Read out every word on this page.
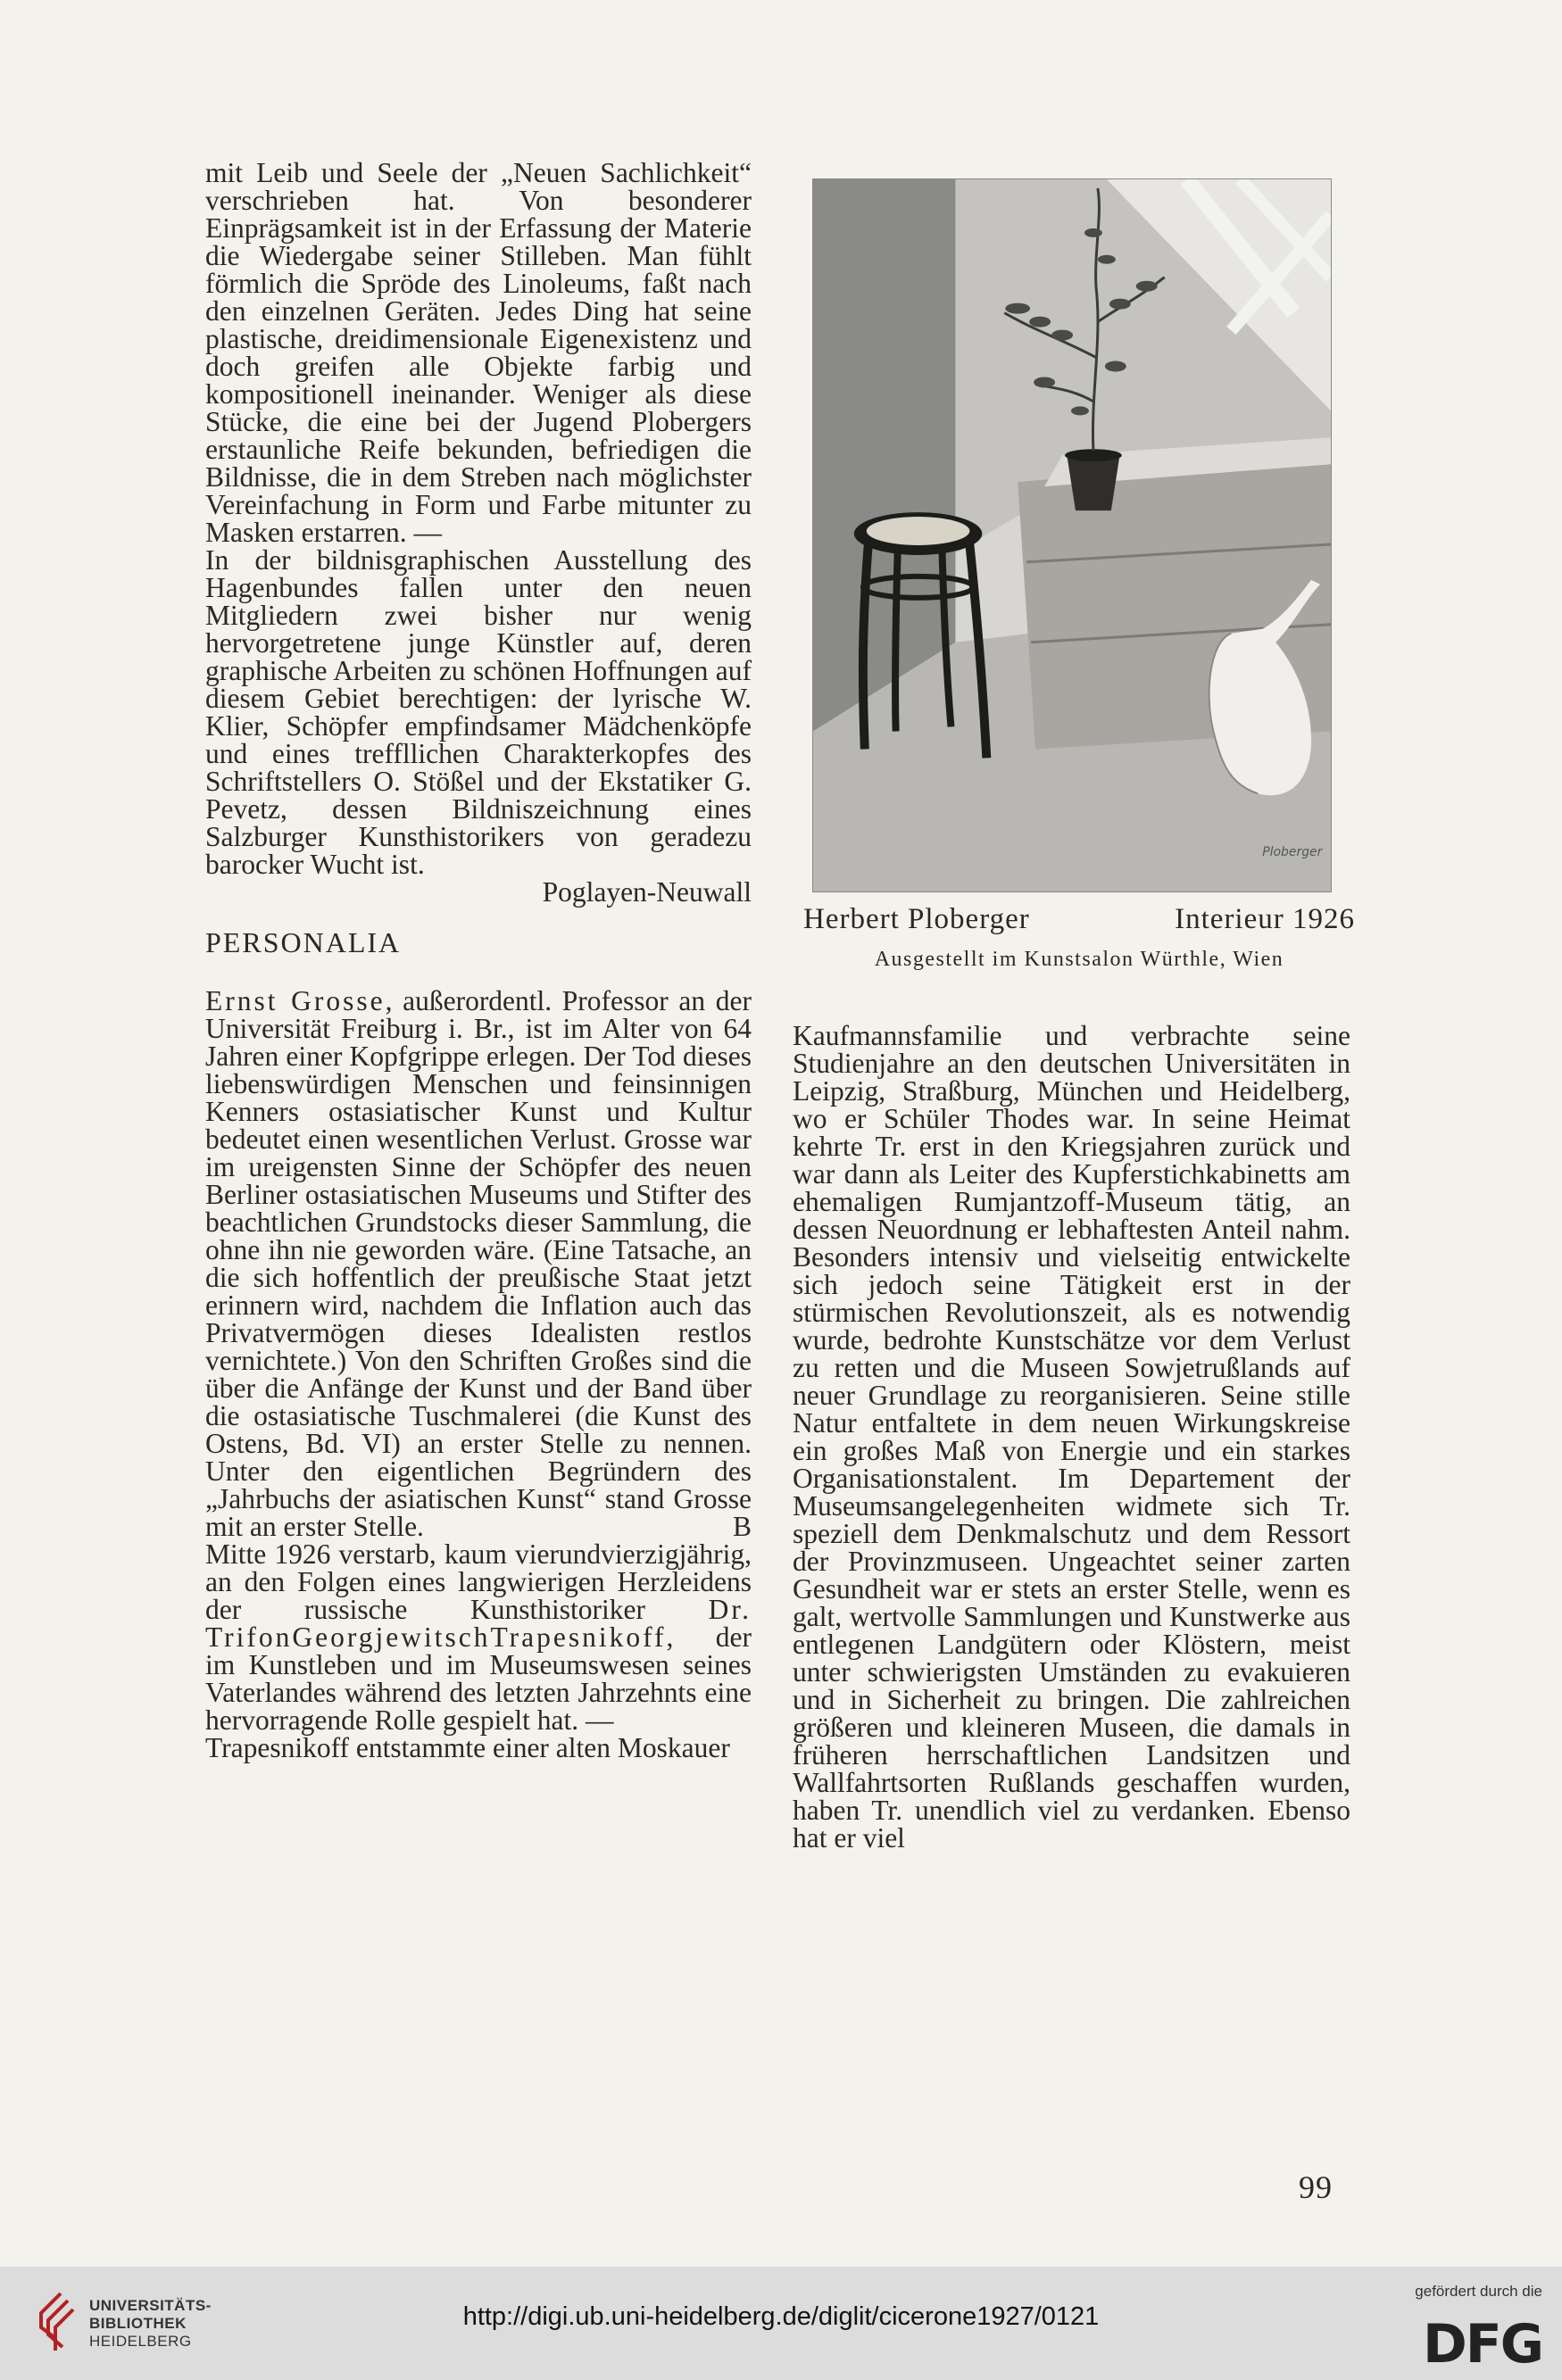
mit Leib und Seele der „Neuen Sachlichkeit“ verschrieben hat. Von besonderer Einprägsamkeit ist in der Erfassung der Materie die Wiedergabe seiner Stilleben. Man fühlt förmlich die Spröde des Linoleums, faßt nach den einzelnen Geräten. Jedes Ding hat seine plastische, dreidimensionale Eigenexistenz und doch greifen alle Objekte farbig und kompositionell ineinander. Weniger als diese Stücke, die eine bei der Jugend Plobergers erstaunliche Reife bekunden, befriedigen die Bildnisse, die in dem Streben nach möglichster Vereinfachung in Form und Farbe mitunter zu Masken erstarren. —

In der bildnisgraphischen Ausstellung des Hagenbundes fallen unter den neuen Mitgliedern zwei bisher nur wenig hervorgetretene junge Künstler auf, deren graphische Arbeiten zu schönen Hoffnungen auf diesem Gebiet berechtigen: der lyrische W. Klier, Schöpfer empfindsamer Mädchenköpfe und eines treffllichen Charakterkopfes des Schriftstellers O. Stößel und der Ekstatiker G. Pevetz, dessen Bildniszeichnung eines Salzburger Kunsthistorikers von geradezu barocker Wucht ist.

Poglayen-Neuwall

PERSONALIA

Ernst Grosse, außerordentl. Professor an der Universität Freiburg i. Br., ist im Alter von 64 Jahren einer Kopfgrippe erlegen. Der Tod dieses liebenswürdigen Menschen und feinsinnigen Kenners ostasiatischer Kunst und Kultur bedeutet einen wesentlichen Verlust. Grosse war im ureigensten Sinne der Schöpfer des neuen Berliner ostasiatischen Museums und Stifter des beachtlichen Grundstocks dieser Sammlung, die ohne ihn nie geworden wäre. (Eine Tatsache, an die sich hoffentlich der preußische Staat jetzt erinnern wird, nachdem die Inflation auch das Privatvermögen dieses Idealisten restlos vernichtete.) Von den Schriften Großes sind die über die Anfänge der Kunst und der Band über die ostasiatische Tuschmalerei (die Kunst des Ostens, Bd. VI) an erster Stelle zu nennen. Unter den eigentlichen Begründern des „Jahrbuchs der asiatischen Kunst“ stand Grosse mit an erster Stelle.	B

Mitte 1926 verstarb, kaum vierundvierzigjährig, an den Folgen eines langwierigen Herzleidens der russische Kunsthistoriker Dr. TrifonGeorgjewitschTrapesnikoff, der im Kunstleben und im Museumswesen seines Vaterlandes während des letzten Jahrzehnts eine hervorragende Rolle gespielt hat. —

Trapesnikoff entstammte einer alten Moskauer

Ploberger
Herbert Ploberger	Interieur 1926
Ausgestellt im Kunstsalon Würthle, Wien

Kaufmannsfamilie und verbrachte seine Studienjahre an den deutschen Universitäten in Leipzig, Straßburg, München und Heidelberg, wo er Schüler Thodes war. In seine Heimat kehrte Tr. erst in den Kriegsjahren zurück und war dann als Leiter des Kupferstichkabinetts am ehemaligen Rumjantzoff-Museum tätig, an dessen Neuordnung er lebhaftesten Anteil nahm. Besonders intensiv und vielseitig entwickelte sich jedoch seine Tätigkeit erst in der stürmischen Revolutionszeit, als es notwendig wurde, bedrohte Kunstschätze vor dem Verlust zu retten und die Museen Sowjetrußlands auf neuer Grundlage zu reorganisieren. Seine stille Natur entfaltete in dem neuen Wirkungskreise ein großes Maß von Energie und ein starkes Organisationstalent. Im Departement der Museumsangelegenheiten widmete sich Tr. speziell dem Denkmalschutz und dem Ressort der Provinzmuseen. Ungeachtet seiner zarten Gesundheit war er stets an erster Stelle, wenn es galt, wertvolle Sammlungen und Kunstwerke aus entlegenen Landgütern oder Klöstern, meist unter schwierigsten Umständen zu evakuieren und in Sicherheit zu bringen. Die zahlreichen größeren und kleineren Museen, die damals in früheren herrschaftlichen Landsitzen und Wallfahrtsorten Rußlands geschaffen wurden, haben Tr. unendlich viel zu verdanken. Ebenso hat er viel

99
UNIVERSITÄTS-
BIBLIOTHEK
HEIDELBERG
http://digi.ub.uni-heidelberg.de/diglit/cicerone1927/0121
gefördert durch die
DFG
